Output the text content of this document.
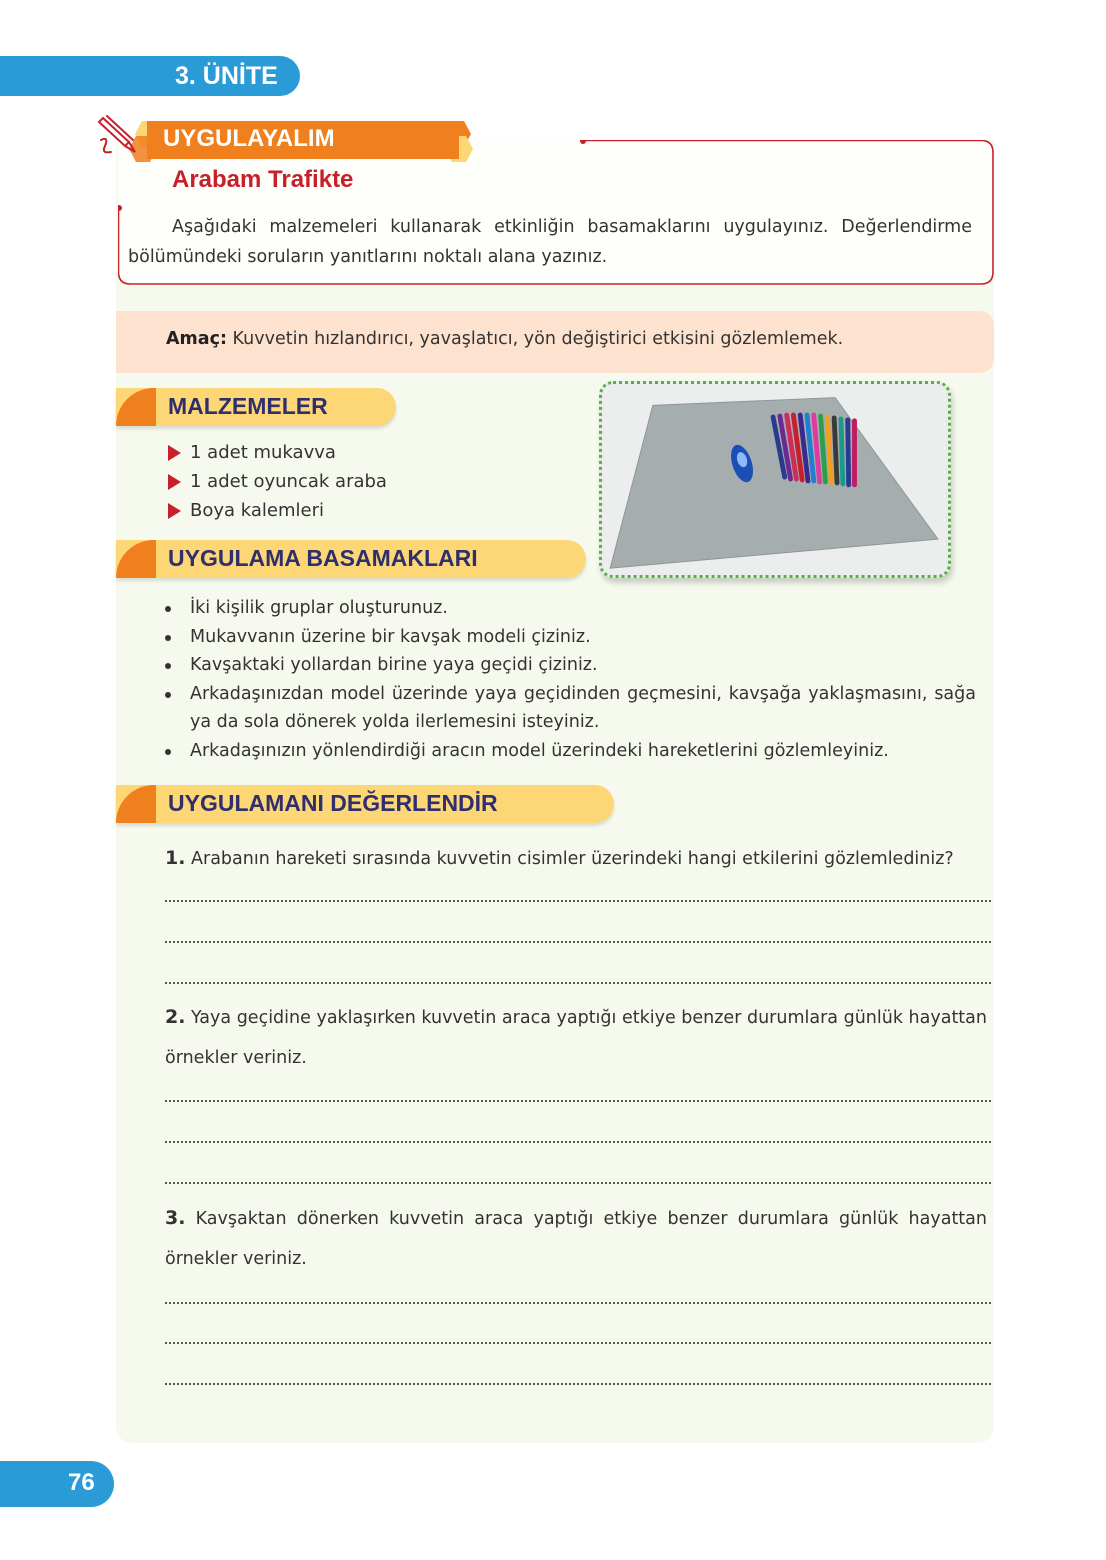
3. ÜNİTE
UYGULAYALIM
Arabam Trafikte

Aşağıdaki malzemeleri kullanarak etkinliğin basamaklarını uygulayınız. Değerlendirme bölümündeki soruların yanıtlarını noktalı alana yazınız.

Amaç: Kuvvetin hızlandırıcı, yavaşlatıcı, yön değiştirici etkisini gözlemlemek.
MALZEMELER
1 adet mukavva
1 adet oyuncak araba
Boya kalemleri
UYGULAMA BASAMAKLARI
İki kişilik gruplar oluşturunuz.
Mukavvanın üzerine bir kavşak modeli çiziniz.
Kavşaktaki yollardan birine yaya geçidi çiziniz.
Arkadaşınızdan model üzerinde yaya geçidinden geçmesini, kavşağa yaklaşmasını, sağa ya da sola dönerek yolda ilerlemesini isteyiniz.
Arkadaşınızın yönlendirdiği aracın model üzerindeki hareketlerini gözlemleyiniz.
UYGULAMANI DEĞERLENDİR
1. Arabanın hareketi sırasında kuvvetin cisimler üzerindeki hangi etkilerini gözlemlediniz?
2. Yaya geçidine yaklaşırken kuvvetin araca yaptığı etkiye benzer durumlara günlük hayattan örnekler veriniz.
3. Kavşaktan dönerken kuvvetin araca yaptığı etkiye benzer durumlara günlük hayattan örnekler veriniz.
76
